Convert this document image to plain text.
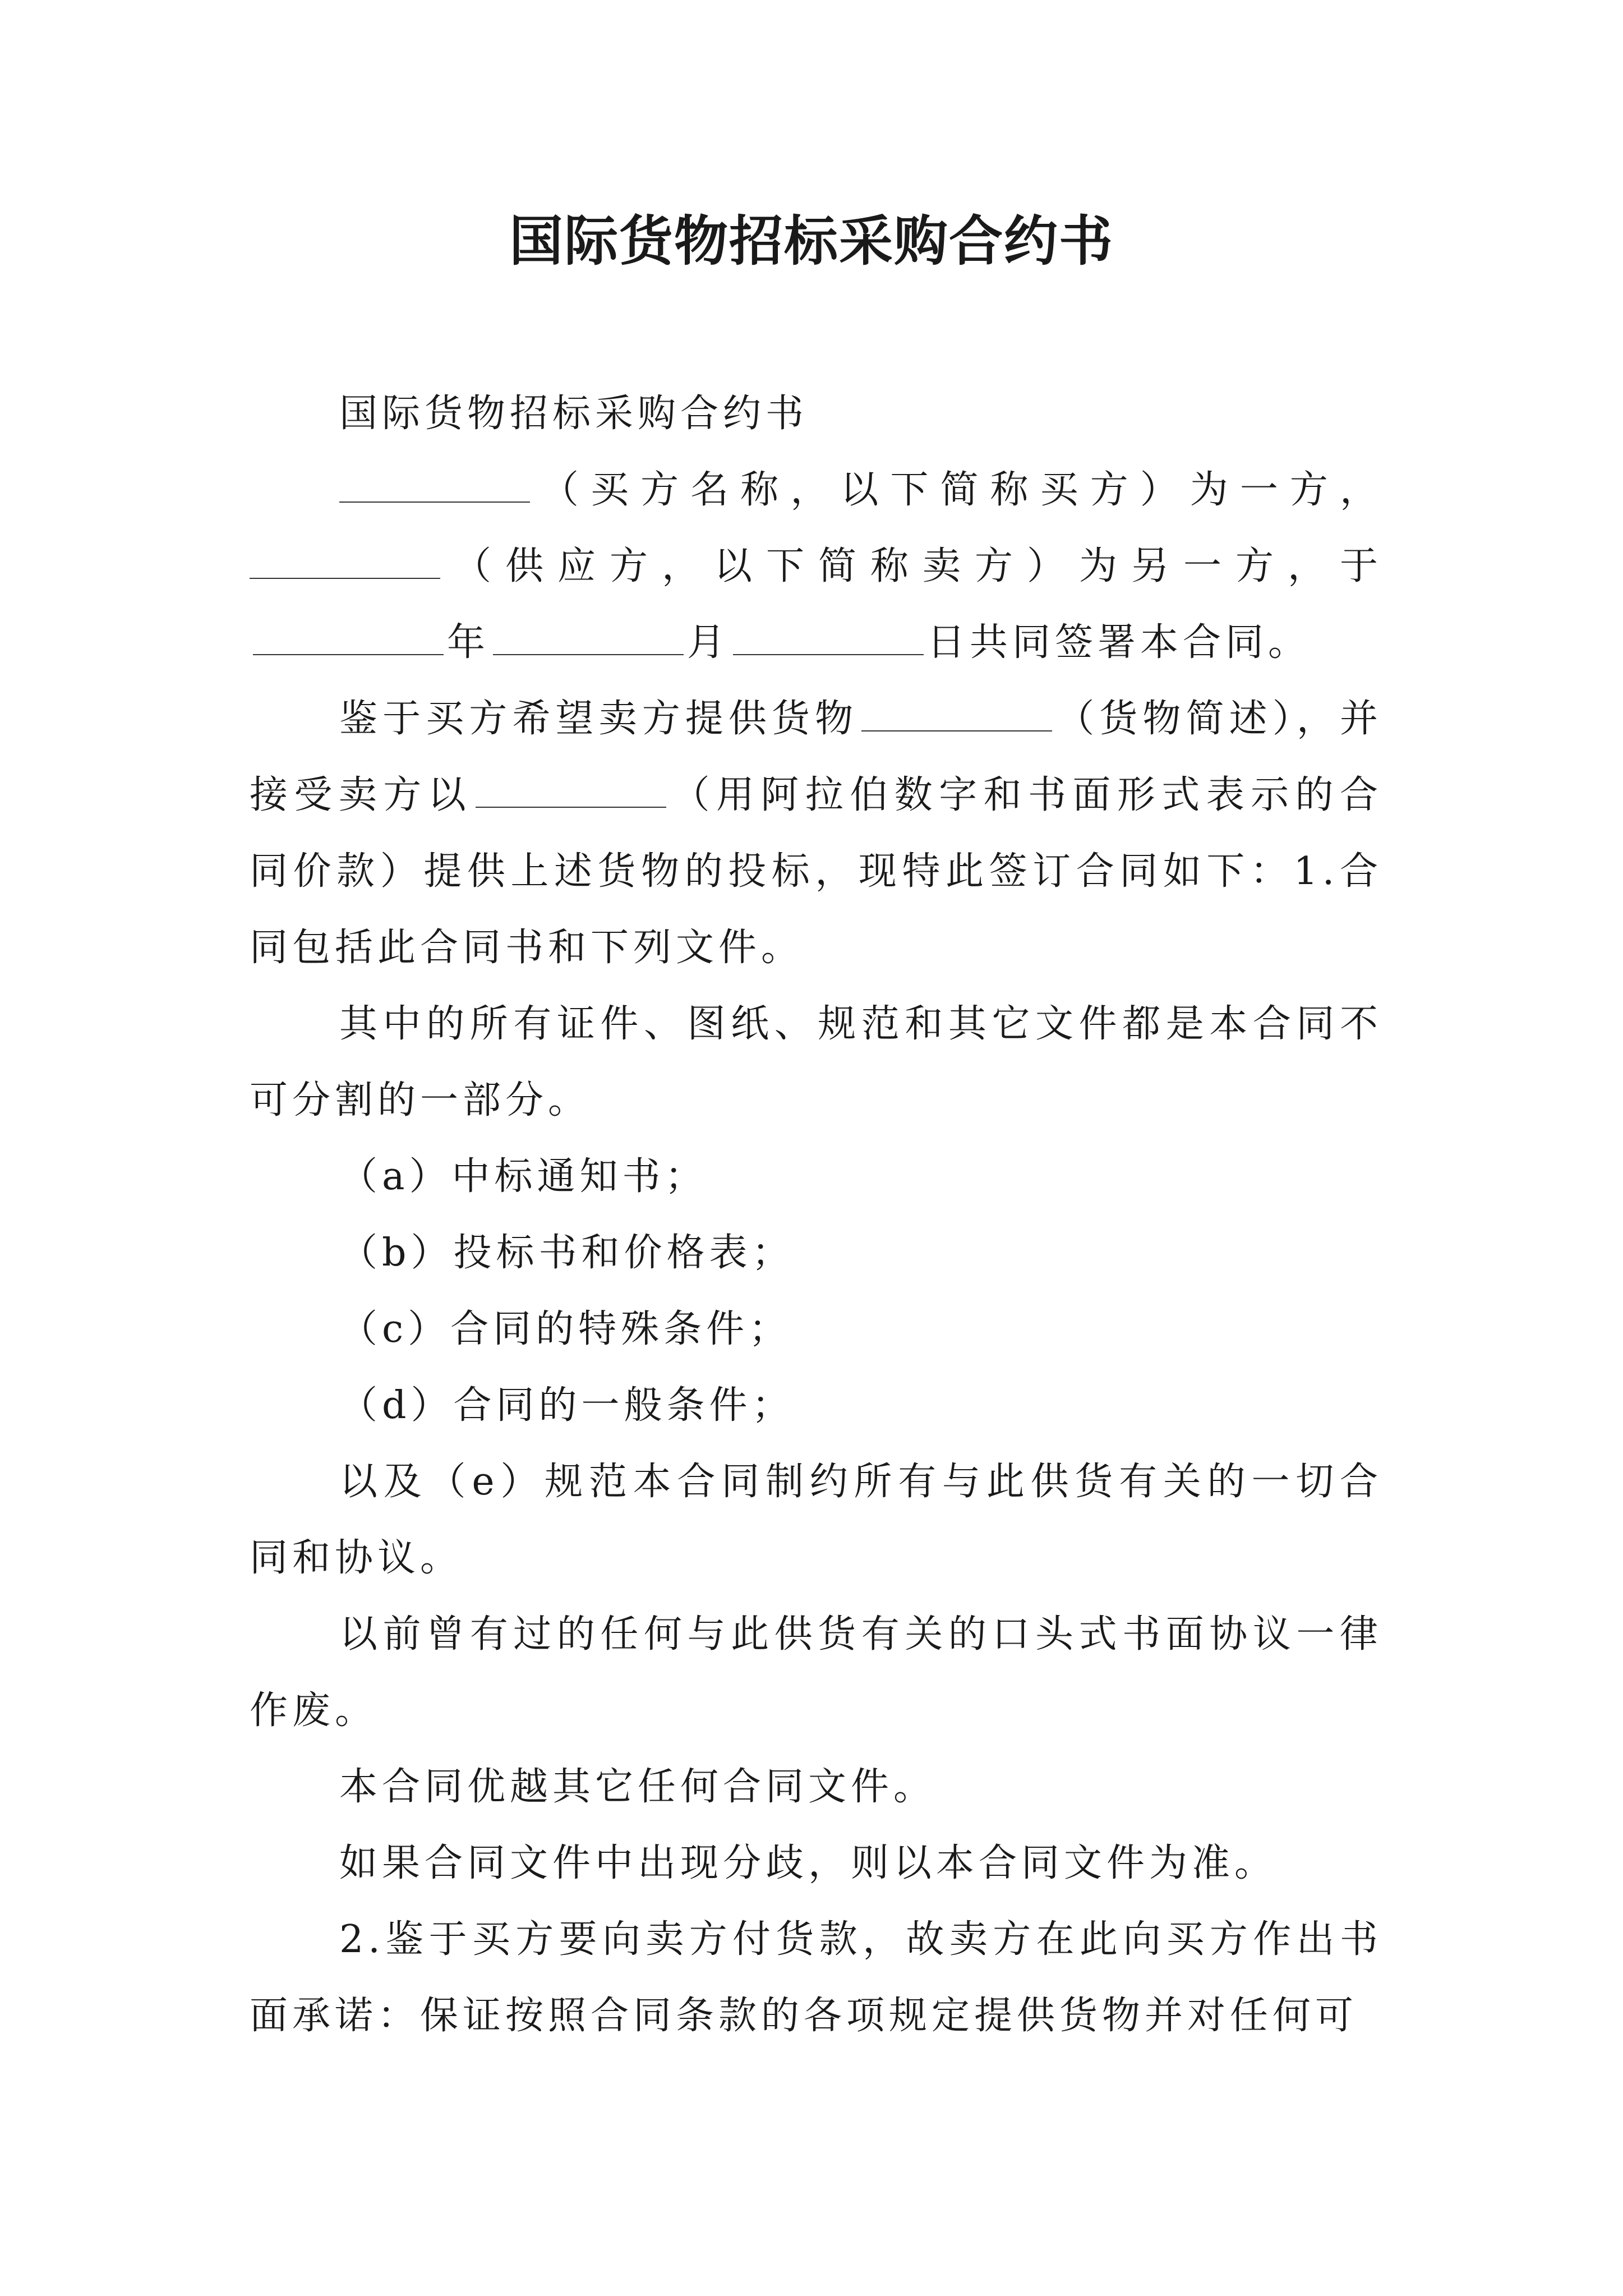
国际货物招标采购合约书

国际货物招标采购合约书

（买方名称，以下简称买方）为一方，（供应方，以下简称卖方）为另一方，于年	月	日共同签署本合同。

鉴于买方希望卖方提供货物	（货物简述），并接受卖方以	（用阿拉伯数字和书面形式表示的合同价款）提供上述货物的投标，现特此签订合同如下：1.合同包括此合同书和下列文件。

其中的所有证件、图纸、规范和其它文件都是本合同不可分割的一部分。

（a）中标通知书；

（b）投标书和价格表；

（c）合同的特殊条件；

（d）合同的一般条件；

以及（e）规范本合同制约所有与此供货有关的一切合同和协议。

以前曾有过的任何与此供货有关的口头式书面协议一律作废。

本合同优越其它任何合同文件。

如果合同文件中出现分歧，则以本合同文件为准。

2.鉴于买方要向卖方付货款，故卖方在此向买方作出书面承诺：保证按照合同条款的各项规定提供货物并对任何可
